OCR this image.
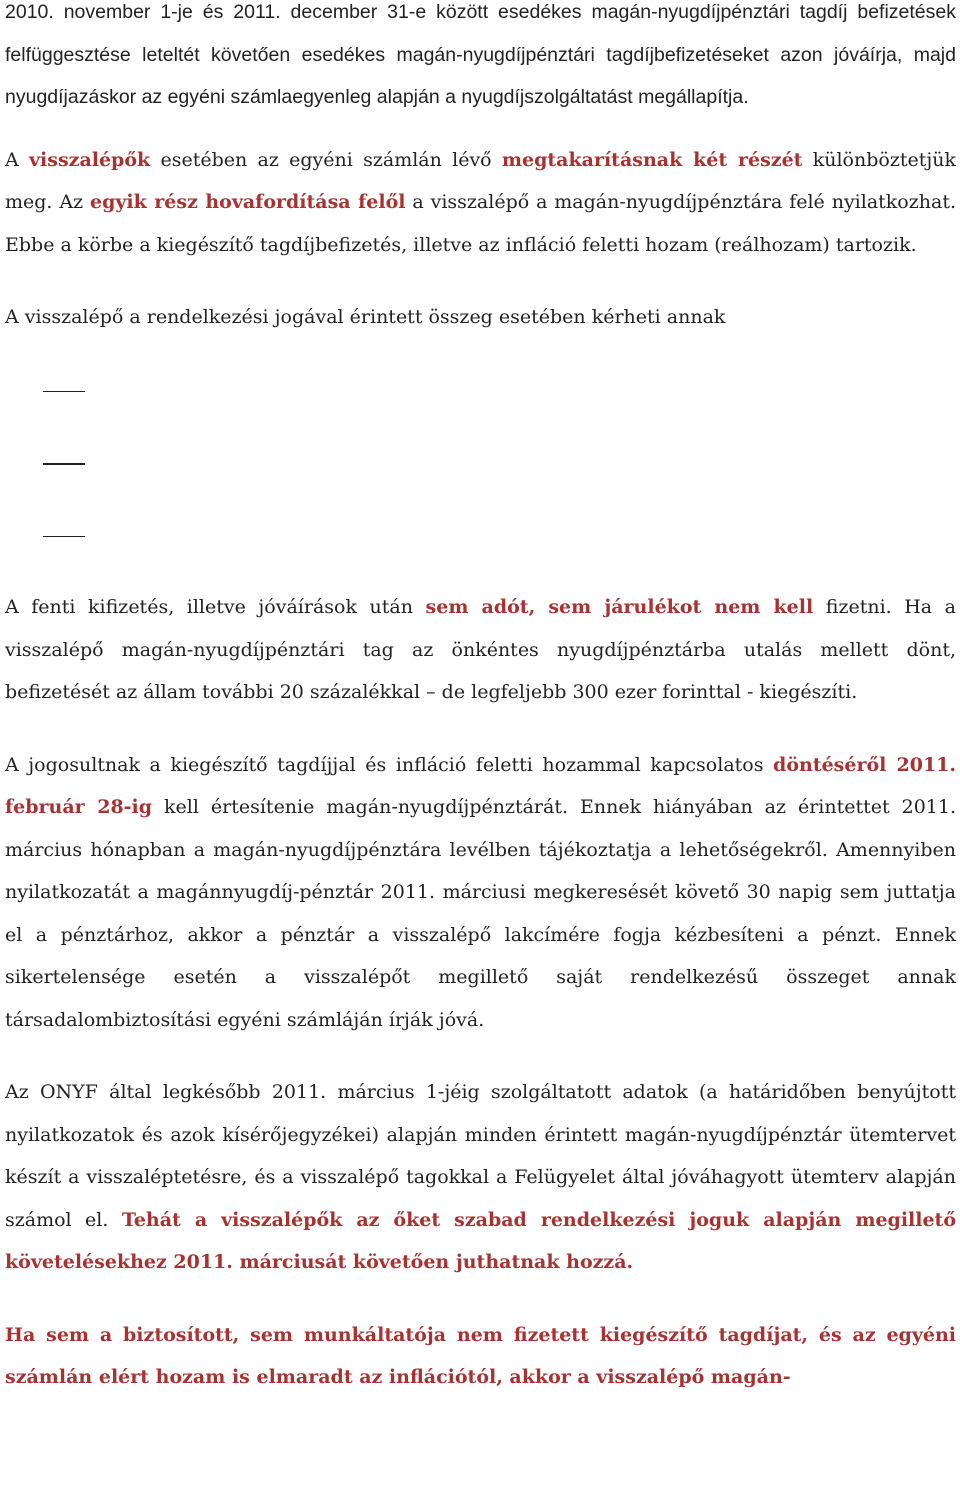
2010. november 1-je és 2011. december 31-e között esedékes magán-nyugdíjpénztári tagdíj befizetések felfüggesztése leteltét követően esedékes magán-nyugdíjpénztári tagdíjbefizetéseket azon jóváírja, majd nyugdíjazáskor az egyéni számlaegyenleg alapján a nyugdíjszolgáltatást megállapítja.

A visszalépők esetében az egyéni számlán lévő megtakarításnak két részét különböztetjük meg. Az egyik rész hovafordítása felől a visszalépő a magán-nyugdíjpénztára felé nyilatkozhat. Ebbe a körbe a kiegészítő tagdíjbefizetés, illetve az infláció feletti hozam (reálhozam) tartozik.

A visszalépő a rendelkezési jogával érintett összeg esetében kérheti annak

A fenti kifizetés, illetve jóváírások után sem adót, sem járulékot nem kell fizetni. Ha a visszalépő magán-nyugdíjpénztári tag az önkéntes nyugdíjpénztárba utalás mellett dönt, befizetését az állam további 20 százalékkal – de legfeljebb 300 ezer forinttal - kiegészíti.

A jogosultnak a kiegészítő tagdíjjal és infláció feletti hozammal kapcsolatos döntéséről 2011. február 28-ig kell értesítenie magán-nyugdíjpénztárát. Ennek hiányában az érintettet 2011. március hónapban a magán-nyugdíjpénztára levélben tájékoztatja a lehetőségekről. Amennyiben nyilatkozatát a magánnyugdíj-pénztár 2011. márciusi megkeresését követő 30 napig sem juttatja el a pénztárhoz, akkor a pénztár a visszalépő lakcímére fogja kézbesíteni a pénzt. Ennek sikertelensége esetén a visszalépőt megillető saját rendelkezésű összeget annak társadalombiztosítási egyéni számláján írják jóvá.

Az ONYF által legkésőbb 2011. március 1-jéig szolgáltatott adatok (a határidőben benyújtott nyilatkozatok és azok kísérőjegyzékei) alapján minden érintett magán-nyugdíjpénztár ütemtervet készít a visszaléptetésre, és a visszalépő tagokkal a Felügyelet által jóváhagyott ütemterv alapján számol el. Tehát a visszalépők az őket szabad rendelkezési joguk alapján megillető követelésekhez 2011. márciusát követően juthatnak hozzá.

Ha sem a biztosított, sem munkáltatója nem fizetett kiegészítő tagdíjat, és az egyéni számlán elért hozam is elmaradt az inflációtól, akkor a visszalépő magán-
